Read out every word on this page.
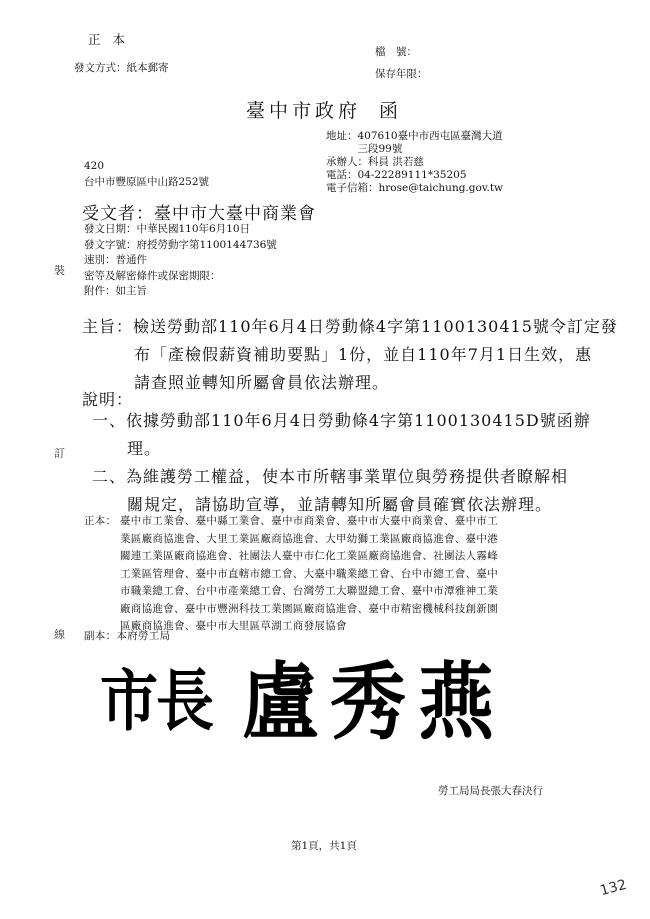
正 本
發文方式：紙本郵寄
檔　號：
保存年限：
臺中市政府 函
地址： 407610臺中市西屯區臺灣大道三段99號
承辦人：科員 洪若慈
電話：04-22289111*35205
電子信箱：hrose@taichung.gov.tw
420
台中市豐原區中山路252號
受文者：臺中市大臺中商業會
發文日期：中華民國110年6月10日
發文字號：府授勞動字第1100144736號
速別：普通件
密等及解密條件或保密期限：
附件：如主旨
主旨：檢送勞動部110年6月4日勞動條4字第1100130415號令訂定發
布「產檢假薪資補助要點」1份，並自110年7月1日生效，惠
請查照並轉知所屬會員依法辦理。
說明：
一、依據勞動部110年6月4日勞動條4字第1100130415D號函辦
理。
二、為維護勞工權益，使本市所轄事業單位與勞務提供者瞭解相
關規定，請協助宣導，並請轉知所屬會員確實依法辦理。
正本： 臺中市工業會、臺中縣工業會、臺中市商業會、臺中市大臺中商業會、臺中市工
業區廠商協進會、大里工業區廠商協進會、大甲幼獅工業區廠商協進會、臺中港
關連工業區廠商協進會、社團法人臺中市仁化工業區廠商協進會、社團法人霧峰
工業區管理會、臺中市直轄市總工會、大臺中職業總工會、台中市總工會、臺中
市職業總工會、台中市產業總工會、台灣勞工大聯盟總工會、臺中市潭雅神工業
廠商協進會、臺中市豐洲科技工業園區廠商協進會、臺中市精密機械科技創新園
區廠商協進會、臺中市大里區草湖工商發展協會
副本：本府勞工局
市長 盧秀燕
勞工局局長張大春決行
裝
訂
線
第1頁，共1頁
132
